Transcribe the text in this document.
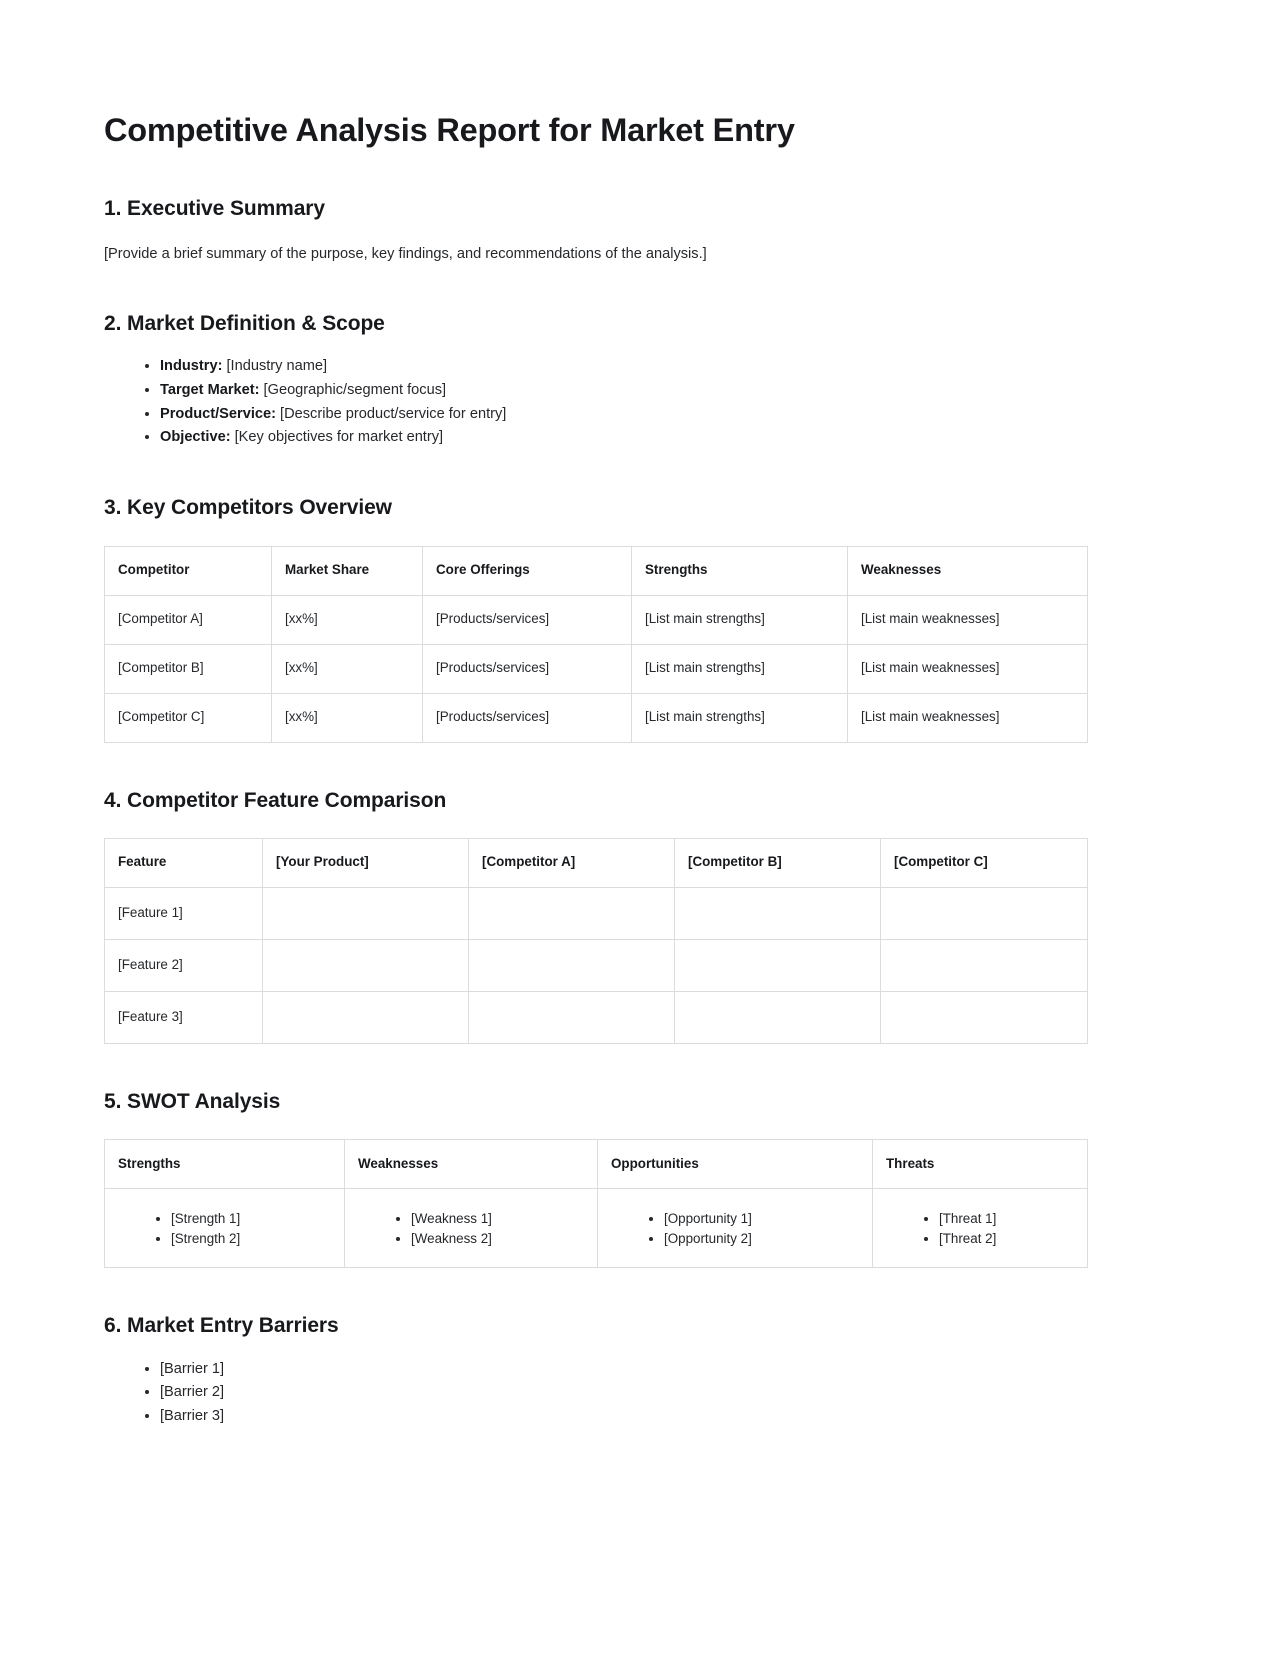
Competitive Analysis Report for Market Entry
1. Executive Summary

[Provide a brief summary of the purpose, key findings, and recommendations of the analysis.]

2. Market Definition & Scope
• Industry: [Industry name]
• Target Market: [Geographic/segment focus]
• Product/Service: [Describe product/service for entry]
• Objective: [Key objectives for market entry]
3. Key Competitors Overview
Competitor	Market Share	Core Offerings	Strengths	Weaknesses
[Competitor A]	[xx%]	[Products/services]	[List main strengths]	[List main weaknesses]
[Competitor B]	[xx%]	[Products/services]	[List main strengths]	[List main weaknesses]
[Competitor C]	[xx%]	[Products/services]	[List main strengths]	[List main weaknesses]
4. Competitor Feature Comparison
Feature	[Your Product]	[Competitor A]	[Competitor B]	[Competitor C]
[Feature 1]				
[Feature 2]				
[Feature 3]				
5. SWOT Analysis
Strengths	Weaknesses	Opportunities	Threats

• [Strength 1]
• [Strength 2]

• [Weakness 1]
• [Weakness 2]

• [Opportunity 1]
• [Opportunity 2]

• [Threat 1]
• [Threat 2]
6. Market Entry Barriers
• [Barrier 1]
• [Barrier 2]
• [Barrier 3]
